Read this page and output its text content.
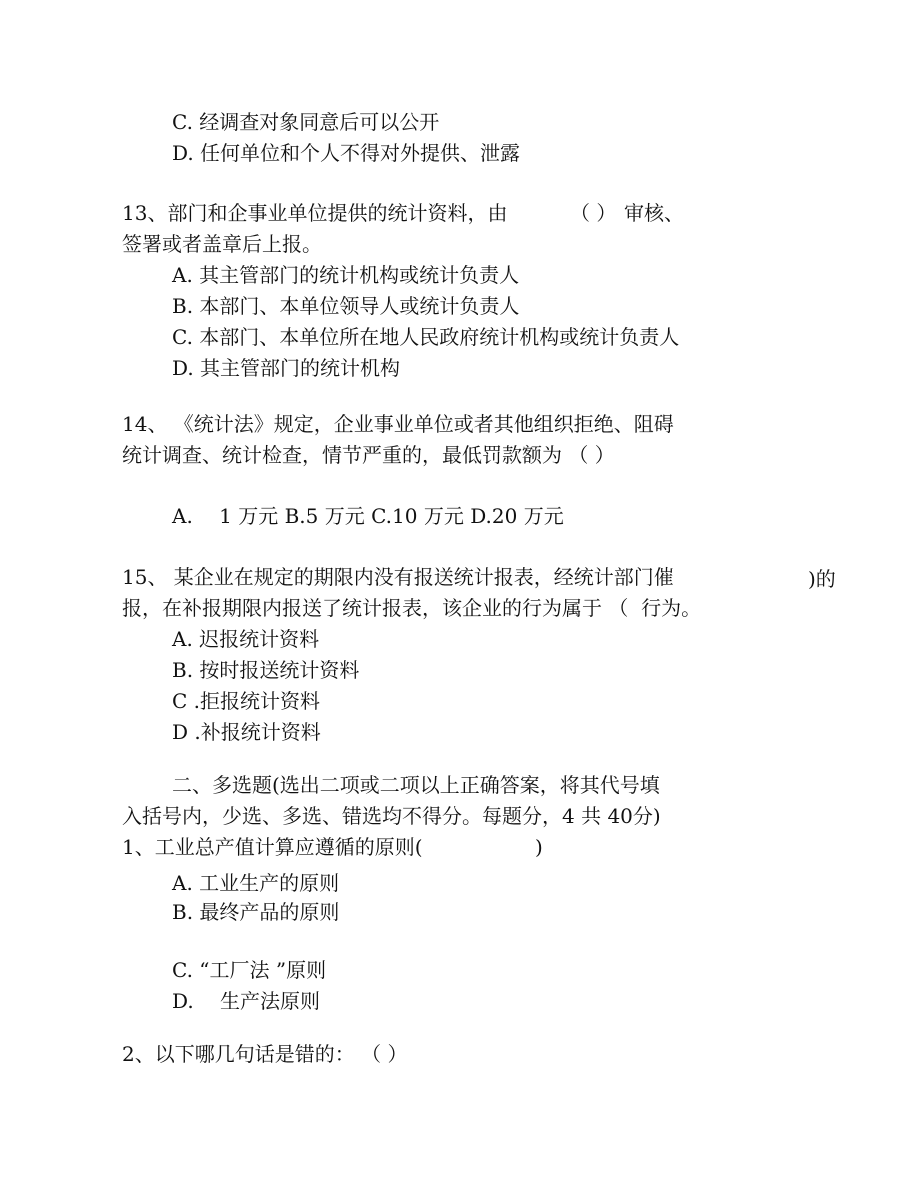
C. 经调查对象同意后可以公开
D. 任何单位和个人不得对外提供、泄露
13、部门和企事业单位提供的统计资料，由	（ ） 审核、
签署或者盖章后上报。
A. 其主管部门的统计机构或统计负责人
B. 本部门、本单位领导人或统计负责人
C. 本部门、本单位所在地人民政府统计机构或统计负责人
D. 其主管部门的统计机构
14、 《统计法》规定，企业事业单位或者其他组织拒绝、阻碍
统计调查、统计检查，情节严重的，最低罚款额为 （ ）
A.　 1 万元 B.5 万元 C.10 万元 D.20 万元
15、 某企业在规定的期限内没有报送统计报表，经统计部门催	)的
报，在补报期限内报送了统计报表，该企业的行为属于 （  行为。
A. 迟报统计资料
B. 按时报送统计资料
C .拒报统计资料
D .补报统计资料
二、多选题(选出二项或二项以上正确答案，将其代号填
入括号内，少选、多选、错选均不得分。每题分，4 共 40分)
1、工业总产值计算应遵循的原则(	)
A. 工业生产的原则
B. 最终产品的原则
C. “工厂法 ”原则
D.　 生产法原则
2、以下哪几句话是错的： （ ）
